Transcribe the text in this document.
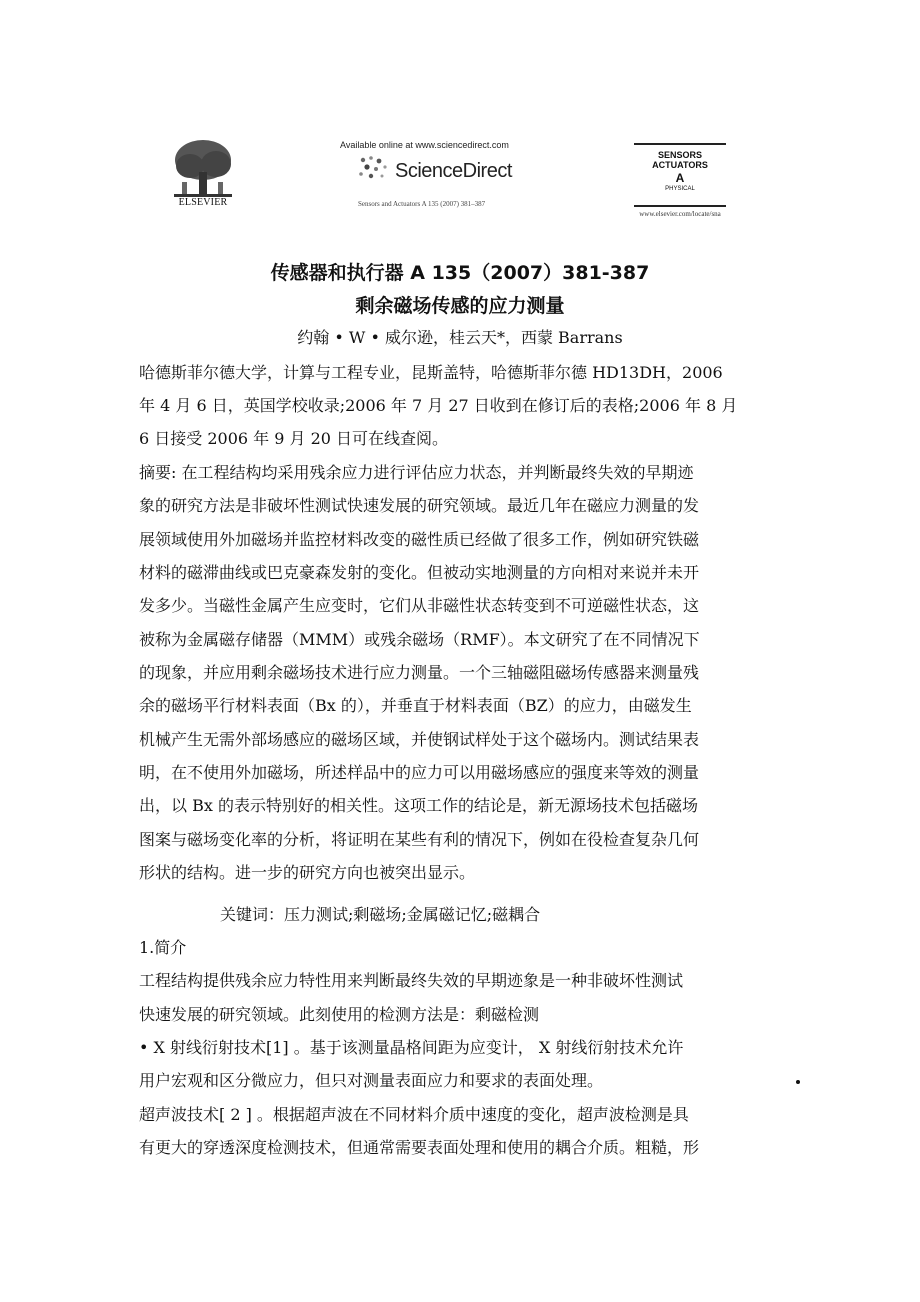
ELSEVIER
Available online at www.sciencedirect.com
ScienceDirect
Sensors and Actuators A 135 (2007) 381–387
SENSORS
ACTUATORS
A
PHYSICAL
www.elsevier.com/locate/sna
传感器和执行器 A 135（2007）381-387
剩余磁场传感的应力测量
约翰 • W • 威尔逊，桂云天*，西蒙 Barrans
哈德斯菲尔德大学，计算与工程专业，昆斯盖特，哈德斯菲尔德 HD13DH，2006
年 4 月 6 日，英国学校收录;2006 年 7 月 27 日收到在修订后的表格;2006 年 8 月
6 日接受 2006 年 9 月 20 日可在线查阅。
摘要: 在工程结构均采用残余应力进行评估应力状态，并判断最终失效的早期迹
象的研究方法是非破坏性测试快速发展的研究领域。最近几年在磁应力测量的发
展领域使用外加磁场并监控材料改变的磁性质已经做了很多工作，例如研究铁磁
材料的磁滞曲线或巴克豪森发射的变化。但被动实地测量的方向相对来说并未开
发多少。当磁性金属产生应变时，它们从非磁性状态转变到不可逆磁性状态，这
被称为金属磁存储器（MMM）或残余磁场（RMF）。本文研究了在不同情况下
的现象，并应用剩余磁场技术进行应力测量。一个三轴磁阻磁场传感器来测量残
余的磁场平行材料表面（Bx 的），并垂直于材料表面（BZ）的应力，由磁发生
机械产生无需外部场感应的磁场区域，并使钢试样处于这个磁场内。测试结果表
明，在不使用外加磁场，所述样品中的应力可以用磁场感应的强度来等效的测量
出，以 Bx 的表示特别好的相关性。这项工作的结论是，新无源场技术包括磁场
图案与磁场变化率的分析，将证明在某些有利的情况下，例如在役检查复杂几何
形状的结构。进一步的研究方向也被突出显示。
关键词：压力测试;剩磁场;金属磁记忆;磁耦合
1.简介
工程结构提供残余应力特性用来判断最终失效的早期迹象是一种非破坏性测试
快速发展的研究领域。此刻使用的检测方法是：剩磁检测
• X 射线衍射技术[1] 。基于该测量晶格间距为应变计， X 射线衍射技术允许
用户宏观和区分微应力，但只对测量表面应力和要求的表面处理。
超声波技术[ 2 ] 。根据超声波在不同材料介质中速度的变化，超声波检测是具
有更大的穿透深度检测技术，但通常需要表面处理和使用的耦合介质。粗糙，形
